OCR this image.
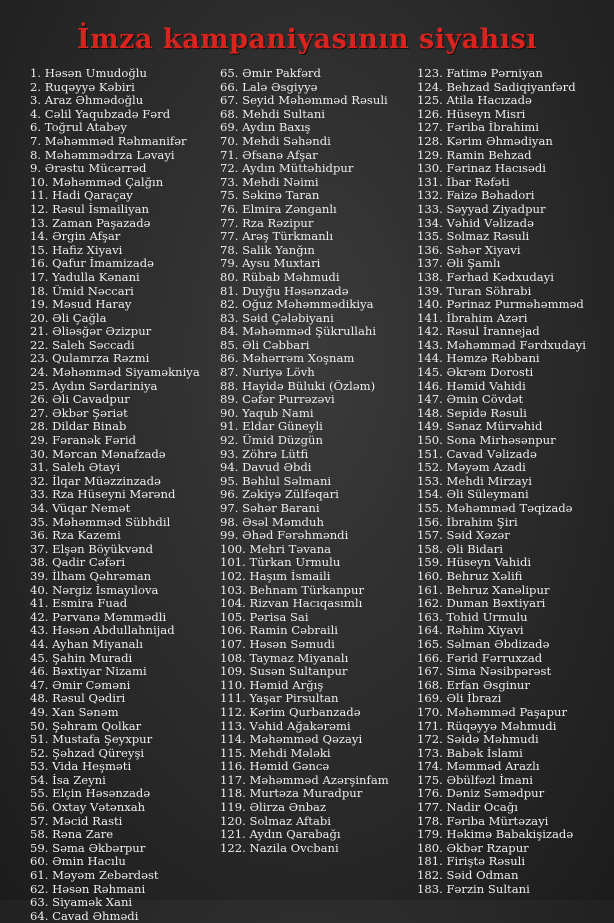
İmza kampaniyasının siyahısı
1. Həsən Umudoğlu
2. Ruqəyyə Kəbiri
3. Araz Əhmədoğlu
4. Cəlil Yaqubzadə Fərd
6. Toğrul Atabəy
7. Məhəmməd Rəhmanifər
8. Məhəmmədrza Ləvayi
9. Ərəstu Mücərrəd
10. Məhəmməd Çalğın
11. Hadi Qaraçay
12. Rəsul İsmailiyan
13. Zaman Paşazadə
14. Ərgin Afşar
15. Hafiz Xiyavi
16. Qafur İmamizadə
17. Yadulla Kənani
18. Ümid Nəccari
19. Məsud Haray
20. Əli Çağla
21. Əliəsğər Əzizpur
22. Saleh Səccadi
23. Qulamrza Rəzmi
24. Məhəmməd Siyaməkniya
25. Aydın Sərdariniya
26. Əli Cavadpur
27. Əkbər Şəriət
28. Dildar Binab
29. Fəranək Fərid
30. Mərcan Mənafzadə
31. Saleh Ətayi
32. İlqar Müəzzinzadə
33. Rza Hüseyni Mərənd
34. Vüqar Nemət
35. Məhəmməd Sübhdil
36. Rza Kazemi
37. Elşən Böyükvənd
38. Qadir Cəfəri
39. İlham Qəhrəman
40. Nərgiz İsmayılova
41. Esmira Fuad
42. Pərvanə Məmmədli
43. Həsən Abdullahnijad
44. Ayhan Miyanalı
45. Şahin Muradi
46. Bəxtiyar Nizami
47. Əmir Cəməni
48. Rəsul Qədiri
49. Xan Sənəm
50. Şəhram Qolkar
51. Mustafa Şeyxpur
52. Şəhzad Qüreyşi
53. Vida Heşməti
54. İsa Zeyni
55. Elçin Həsənzadə
56. Oxtay Vətənxah
57. Məcid Rasti
58. Rəna Zare
59. Səma Əkbərpur
60. Əmin Hacılu
61. Məyəm Zebərdəst
62. Həsən Rəhmani
63. Siyamək Xani
64. Cavad Əhmədi
65. Əmir Pakfərd
66. Lalə Əsgiyyə
67. Seyid Məhəmməd Rəsuli
68. Mehdi Sultani
69. Aydın Baxış
70. Mehdi Səhəndi
71. Əfsanə Afşar
72. Aydın Müttəhidpur
73. Mehdi Nəimi
75. Səkinə Taran
76. Elmira Zənganlı
77. Rza Rəzipur
77. Arəş Türkmanlı
78. Salik Yanğın
79. Aysu Muxtari
80. Rübab Məhmudi
81. Duyğu Həsənzadə
82. Oğuz Məhəmmədikiya
83. Səid Çələbiyani
84. Məhəmməd Şükrullahi
85. Əli Cəbbari
86. Məhərrəm Xoşnam
87. Nuriyə Lövh
88. Hayidə Büluki (Özləm)
89. Cəfər Purrəzəvi
90. Yaqub Nami
91. Eldar Güneyli
92. Ümid Düzgün
93. Zöhrə Lütfi
94. Davud Əbdi
95. Bəhlul Səlmani
96. Zəkiyə Zülfəqari
97. Səhər Barani
98. Əsəl Məmduh
99. Əhəd Fərəhməndi
100. Mehri Təvana
101. Türkan Urmulu
102. Haşım İsmaili
103. Behnam Türkanpur
104. Rizvan Hacıqasımlı
105. Pərisa Sai
106. Ramin Cəbraili
107. Həsən Səmudi
108. Taymaz Miyanalı
109. Susən Sultanpur
110. Həmid Arğış
111. Yaşar Pirsultan
112. Kərim Qurbanzadə
113. Vəhid Ağakərəmi
114. Məhəmməd Qəzayi
115. Mehdi Mələki
116. Həmid Gəncə
117. Məhəmməd Azərşinfam
118. Murtəza Muradpur
119. Əlirza Ənbaz
120. Solmaz Aftabi
121. Aydın Qarabağı
122. Nazila Ovcbani
123. Fatimə Pərniyan
124. Behzad Sadiqiyanfərd
125. Atila Hacızadə
126. Hüseyn Misri
127. Fəriba İbrahimi
128. Kərim Əhmədiyan
129. Ramin Behzad
130. Fərinaz Hacısədi
131. İbar Rəfəti
132. Faizə Bəhadori
133. Səyyad Ziyadpur
134. Vəhid Vəlizadə
135. Solmaz Rəsuli
136. Səhər Xiyavi
137. Əli Şamlı
138. Fərhad Kədxudayi
139. Turan Söhrabi
140. Pərinaz Purməhəmməd
141. İbrahim Azəri
142. Rəsul İrannejad
143. Məhəmməd Fərdxudayi
144. Həmzə Rəbbani
145. Əkrəm Dorosti
146. Həmid Vahidi
147. Əmin Cövdət
148. Sepidə Rəsuli
149. Sənaz Mürvəhid
150. Sona Mirhəsənpur
151. Cavad Vəlizadə
152. Məyəm Azadi
153. Mehdi Mirzayi
154. Əli Süleymani
155. Məhəmməd Təqizadə
156. İbrahim Şiri
157. Səid Xəzər
158. Əli Bidari
159. Hüseyn Vahidi
160. Behruz Xəlifi
161. Behruz Xanəlipur
162. Duman Bəxtiyari
163. Tohid Urmulu
164. Rəhim Xiyavi
165. Səlman Əbdizadə
166. Fərid Fərruxzad
167. Sima Nəsibpərəst
168. Erfan Əsginur
169. Əli İbrazi
170. Məhəmməd Paşapur
171. Rüqəyyə Məhmudi
172. Səidə Məhmudi
173. Babək İslami
174. Məmməd Arazlı
175. Əbülfəzl İmani
176. Dəniz Səmədpur
177. Nadir Ocağı
178. Fəriba Mürtəzayi
179. Həkimə Babakişizadə
180. Əkbər Rzapur
181. Firiştə Rəsuli
182. Səid Odman
183. Fərzin Sultani
